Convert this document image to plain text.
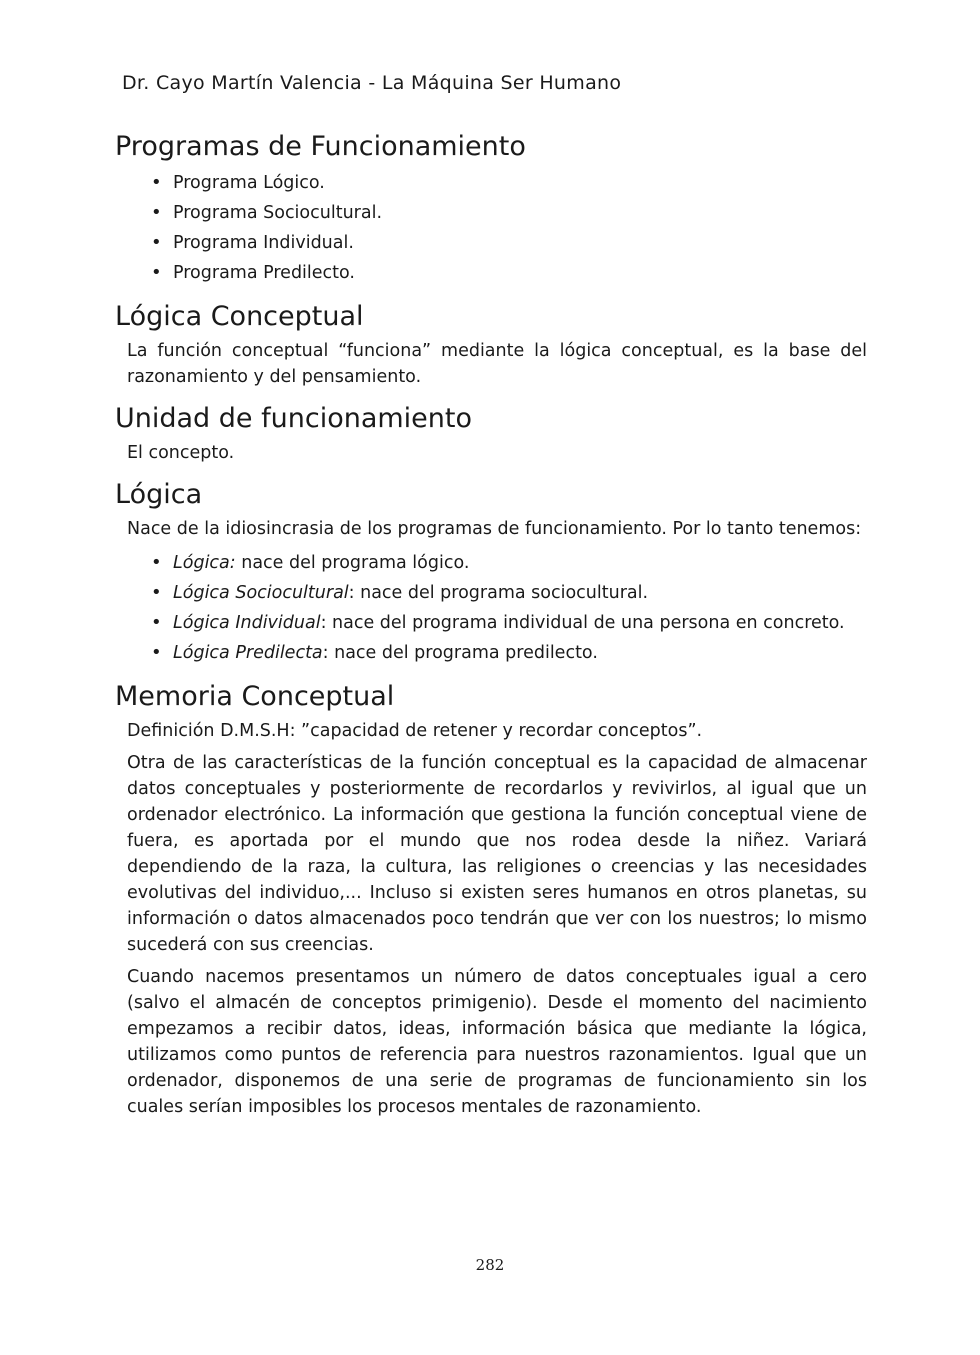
Dr. Cayo Martín Valencia - La Máquina Ser Humano
Programas de Funcionamiento
• Programa Lógico.
• Programa Sociocultural.
• Programa Individual.
• Programa Predilecto.
Lógica Conceptual

La función conceptual “funciona” mediante la lógica conceptual, es la base del razonamiento y del pensamiento.

Unidad de funcionamiento

El concepto.

Lógica

Nace de la idiosincrasia de los programas de funcionamiento. Por lo tanto tenemos:

• Lógica: nace del programa lógico.
• Lógica Sociocultural: nace del programa sociocultural.
• Lógica Individual: nace del programa individual de una persona en concreto.
• Lógica Predilecta: nace del programa predilecto.
Memoria Conceptual

Definición D.M.S.H: ”capacidad de retener y recordar conceptos”.

Otra de las características de la función conceptual es la capacidad de almacenar datos conceptuales y posteriormente de recordarlos y revivirlos, al igual que un ordenador electrónico. La información que gestiona la función conceptual viene de fuera, es aportada por el mundo que nos rodea desde la niñez. Variará dependiendo de la raza, la cultura, las religiones o creencias y las necesidades evolutivas del individuo,... Incluso si existen seres humanos en otros planetas, su información o datos almacenados poco tendrán que ver con los nuestros; lo mismo sucederá con sus creencias.

Cuando nacemos presentamos un número de datos conceptuales igual a cero (salvo el almacén de conceptos primigenio). Desde el momento del nacimiento empezamos a recibir datos, ideas, información básica que mediante la lógica, utilizamos como puntos de referencia para nuestros razonamientos. Igual que un ordenador, disponemos de una serie de programas de funcionamiento sin los cuales serían imposibles los procesos mentales de razonamiento.

282
